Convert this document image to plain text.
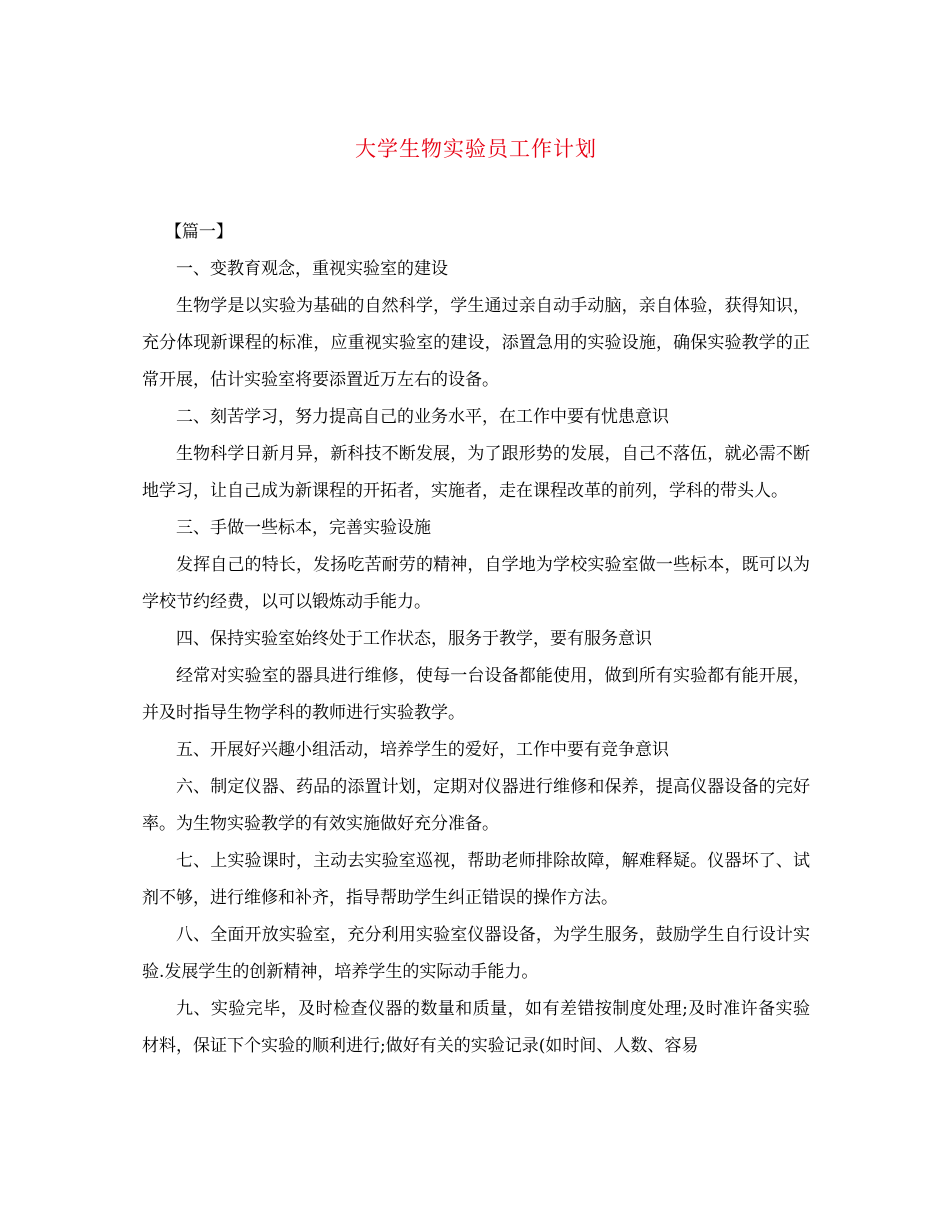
大学生物实验员工作计划
【篇一】

一、变教育观念，重视实验室的建设

生物学是以实验为基础的自然科学，学生通过亲自动手动脑，亲自体验，获得知识，充分体现新课程的标准，应重视实验室的建设，添置急用的实验设施，确保实验教学的正常开展，估计实验室将要添置近万左右的设备。

二、刻苦学习，努力提高自己的业务水平，在工作中要有忧患意识

生物科学日新月异，新科技不断发展，为了跟形势的发展，自己不落伍，就必需不断地学习，让自己成为新课程的开拓者，实施者，走在课程改革的前列，学科的带头人。

三、手做一些标本，完善实验设施

发挥自己的特长，发扬吃苦耐劳的精神，自学地为学校实验室做一些标本，既可以为学校节约经费，以可以锻炼动手能力。

四、保持实验室始终处于工作状态，服务于教学，要有服务意识

经常对实验室的器具进行维修，使每一台设备都能使用，做到所有实验都有能开展，并及时指导生物学科的教师进行实验教学。

五、开展好兴趣小组活动，培养学生的爱好，工作中要有竞争意识

六、制定仪器、药品的添置计划，定期对仪器进行维修和保养，提高仪器设备的完好率。为生物实验教学的有效实施做好充分准备。

七、上实验课时，主动去实验室巡视，帮助老师排除故障，解难释疑。仪器坏了、试剂不够，进行维修和补齐，指导帮助学生纠正错误的操作方法。

八、全面开放实验室，充分利用实验室仪器设备，为学生服务，鼓励学生自行设计实验.发展学生的创新精神，培养学生的实际动手能力。

九、实验完毕，及时检查仪器的数量和质量，如有差错按制度处理;及时准许备实验材料，保证下个实验的顺利进行;做好有关的实验记录(如时间、人数、容易
